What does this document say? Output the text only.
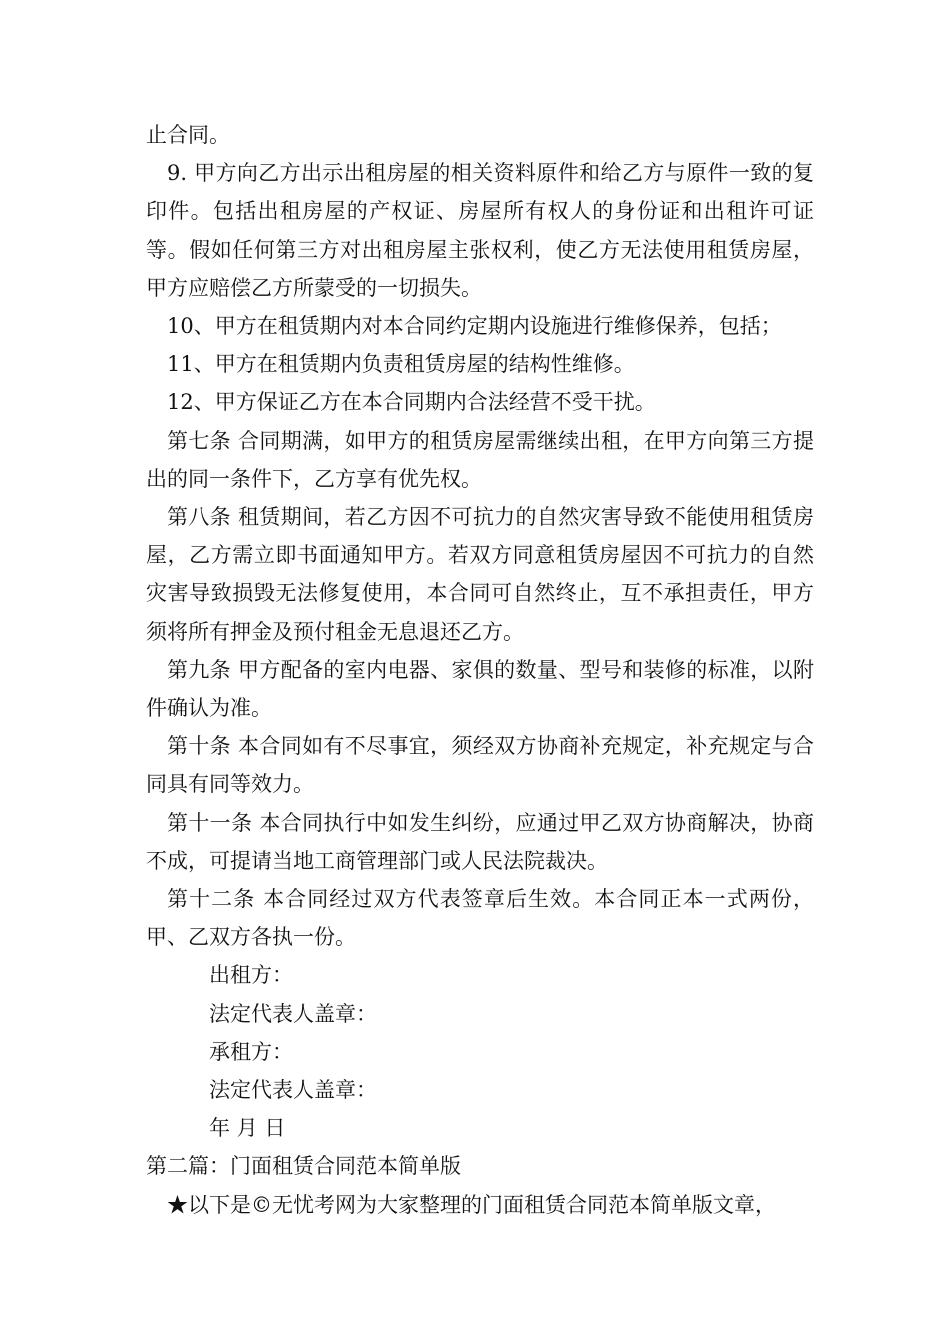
止合同。

9. 甲方向乙方出示出租房屋的相关资料原件和给乙方与原件一致的复印件。包括出租房屋的产权证、房屋所有权人的身份证和出租许可证等。假如任何第三方对出租房屋主张权利，使乙方无法使用租赁房屋，甲方应赔偿乙方所蒙受的一切损失。

10、甲方在租赁期内对本合同约定期内设施进行维修保养，包括；

11、甲方在租赁期内负责租赁房屋的结构性维修。

12、甲方保证乙方在本合同期内合法经营不受干扰。

第七条 合同期满，如甲方的租赁房屋需继续出租，在甲方向第三方提出的同一条件下，乙方享有优先权。

第八条 租赁期间，若乙方因不可抗力的自然灾害导致不能使用租赁房屋，乙方需立即书面通知甲方。若双方同意租赁房屋因不可抗力的自然灾害导致损毁无法修复使用，本合同可自然终止，互不承担责任，甲方须将所有押金及预付租金无息退还乙方。

第九条 甲方配备的室内电器、家俱的数量、型号和装修的标准，以附件确认为准。

第十条 本合同如有不尽事宜，须经双方协商补充规定，补充规定与合同具有同等效力。

第十一条 本合同执行中如发生纠纷，应通过甲乙双方协商解决，协商不成，可提请当地工商管理部门或人民法院裁决。

第十二条 本合同经过双方代表签章后生效。本合同正本一式两份，甲、乙双方各执一份。

出租方：

法定代表人盖章：

承租方：

法定代表人盖章：

年 月 日

第二篇：门面租赁合同范本简单版

★以下是©无忧考网为大家整理的门面租赁合同范本简单版文章，
